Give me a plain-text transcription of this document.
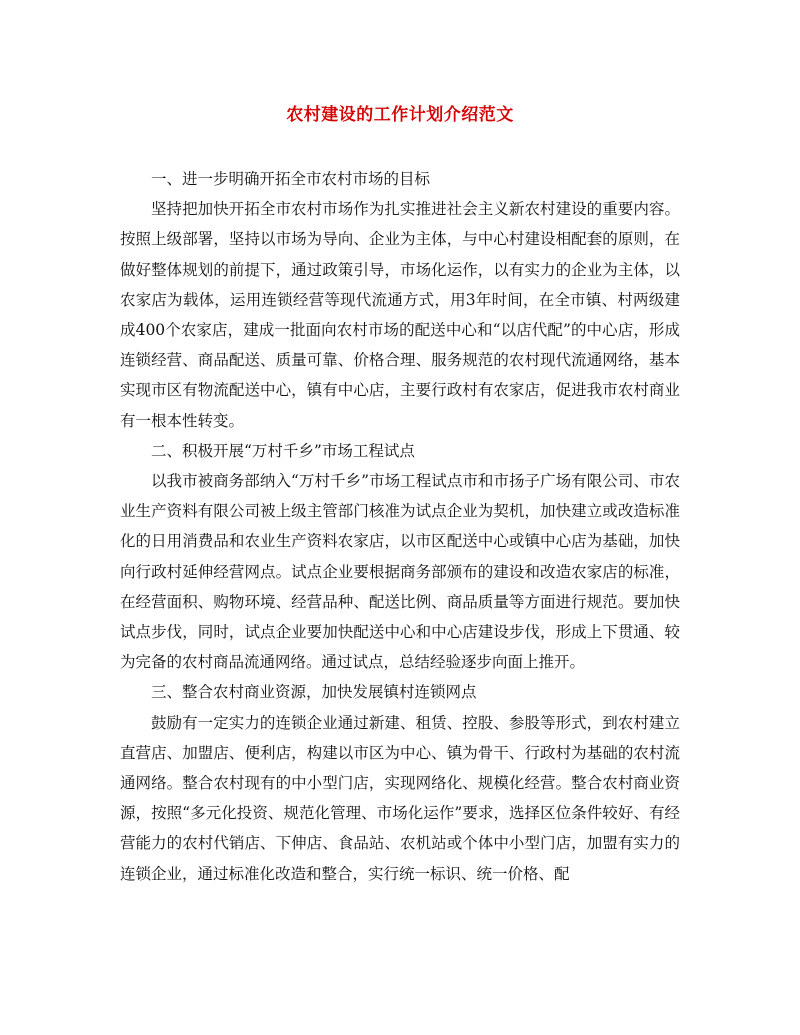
农村建设的工作计划介绍范文

一、进一步明确开拓全市农村市场的目标

坚持把加快开拓全市农村市场作为扎实推进社会主义新农村建设的重要内容。按照上级部署，坚持以市场为导向、企业为主体，与中心村建设相配套的原则，在做好整体规划的前提下，通过政策引导，市场化运作，以有实力的企业为主体，以农家店为载体，运用连锁经营等现代流通方式，用3年时间，在全市镇、村两级建成400个农家店，建成一批面向农村市场的配送中心和“以店代配”的中心店，形成连锁经营、商品配送、质量可靠、价格合理、服务规范的农村现代流通网络，基本实现市区有物流配送中心，镇有中心店，主要行政村有农家店，促进我市农村商业有一根本性转变。

二、积极开展“万村千乡”市场工程试点

以我市被商务部纳入“万村千乡”市场工程试点市和市扬子广场有限公司、市农业生产资料有限公司被上级主管部门核准为试点企业为契机，加快建立或改造标准化的日用消费品和农业生产资料农家店，以市区配送中心或镇中心店为基础，加快向行政村延伸经营网点。试点企业要根据商务部颁布的建设和改造农家店的标准，在经营面积、购物环境、经营品种、配送比例、商品质量等方面进行规范。要加快试点步伐，同时，试点企业要加快配送中心和中心店建设步伐，形成上下贯通、较为完备的农村商品流通网络。通过试点，总结经验逐步向面上推开。

三、整合农村商业资源，加快发展镇村连锁网点

鼓励有一定实力的连锁企业通过新建、租赁、控股、参股等形式，到农村建立直营店、加盟店、便利店，构建以市区为中心、镇为骨干、行政村为基础的农村流通网络。整合农村现有的中小型门店，实现网络化、规模化经营。整合农村商业资源，按照“多元化投资、规范化管理、市场化运作”要求，选择区位条件较好、有经营能力的农村代销店、下伸店、食品站、农机站或个体中小型门店，加盟有实力的连锁企业，通过标准化改造和整合，实行统一标识、统一价格、配
